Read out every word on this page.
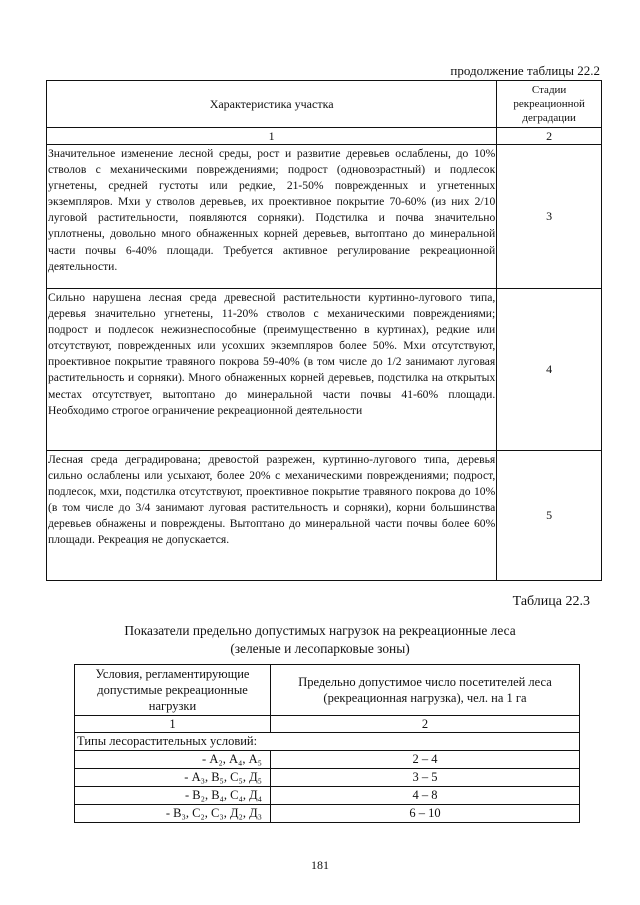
продолжение таблицы 22.2
Характеристика участка	Стадии рекреационной деградации
1	2
Значительное изменение лесной среды, рост и развитие деревьев ослаблены, до 10% стволов с механическими повреждениями; подрост (одновозрастный) и подлесок угнетены, средней густоты или редкие, 21-50% поврежденных и угнетенных экземпляров. Мхи у стволов деревьев, их проективное покрытие 70-60% (из них 2/10 луговой растительности, появляются сорняки). Подстилка и почва значительно уплотнены, довольно много обнаженных корней деревьев, вытоптано до минеральной части почвы 6-40% площади. Требуется активное регулирование рекреационной деятельности.	3
Сильно нарушена лесная среда древесной растительности куртинно-лугового типа, деревья значительно угнетены, 11-20% стволов с механическими повреждениями; подрост и подлесок нежизнеспособные (преимущественно в куртинах), редкие или отсутствуют, поврежденных или усохших экземпляров более 50%. Мхи отсутствуют, проективное покрытие травяного покрова 59-40% (в том числе до 1/2 занимают луговая растительность и сорняки). Много обнаженных корней деревьев, подстилка на открытых местах отсутствует, вытоптано до минеральной части почвы 41-60% площади. Необходимо строгое ограничение рекреационной деятельности	4
Лесная среда деградирована; древостой разрежен, куртинно-лугового типа, деревья сильно ослаблены или усыхают, более 20% с механическими повреждениями; подрост, подлесок, мхи, подстилка отсутствуют, проективное покрытие травяного покрова до 10% (в том числе до 3/4 занимают луговая растительность и сорняки), корни большинства деревьев обнажены и повреждены. Вытоптано до минеральной части почвы более 60% площади. Рекреация не допускается.	5
Таблица 22.3
Показатели предельно допустимых нагрузок на рекреационные леса
(зеленые и лесопарковые зоны)
Условия, регламентирующие допустимые рекреационные нагрузки	Предельно допустимое число посетителей леса (рекреационная нагрузка), чел. на 1 га
1	2
Типы лесорастительных условий:	
- А₂, А₄, А₅	2 – 4
- А₃, В₅, С₅, Д₅	3 – 5
- В₂, В₄, С₄, Д₄	4 – 8
- В₃, С₂, С₃, Д₂, Д₃	6 – 10
181
